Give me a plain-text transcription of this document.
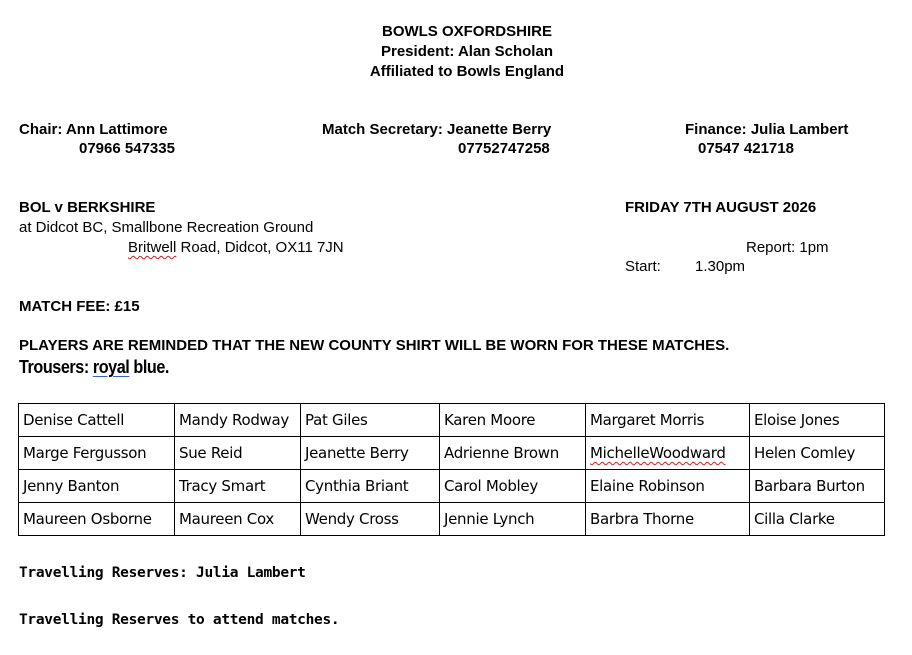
BOWLS OXFORDSHIRE
President: Alan Scholan
Affiliated to Bowls England
Chair: Ann Lattimore
07966 547335
Match Secretary: Jeanette Berry
07752747258
Finance: Julia Lambert
07547 421718
BOL v BERKSHIRE
at Didcot BC, Smallbone Recreation Ground
Britwell Road, Didcot, OX11 7JN
FRIDAY 7TH AUGUST 2026
Report: 1pm
Start: 1.30pm
MATCH FEE: £15
PLAYERS ARE REMINDED THAT THE NEW COUNTY SHIRT WILL BE WORN FOR THESE MATCHES.
Trousers: royal blue.
Denise Cattell	Mandy Rodway	Pat Giles	Karen Moore	Margaret Morris	Eloise Jones
Marge Fergusson	Sue Reid	Jeanette Berry	Adrienne Brown	MichelleWoodward	Helen Comley
Jenny Banton	Tracy Smart	Cynthia Briant	Carol Mobley	Elaine Robinson	Barbara Burton
Maureen Osborne	Maureen Cox	Wendy Cross	Jennie Lynch	Barbra Thorne	Cilla Clarke
Travelling Reserves: Julia Lambert
Travelling Reserves to attend matches.
